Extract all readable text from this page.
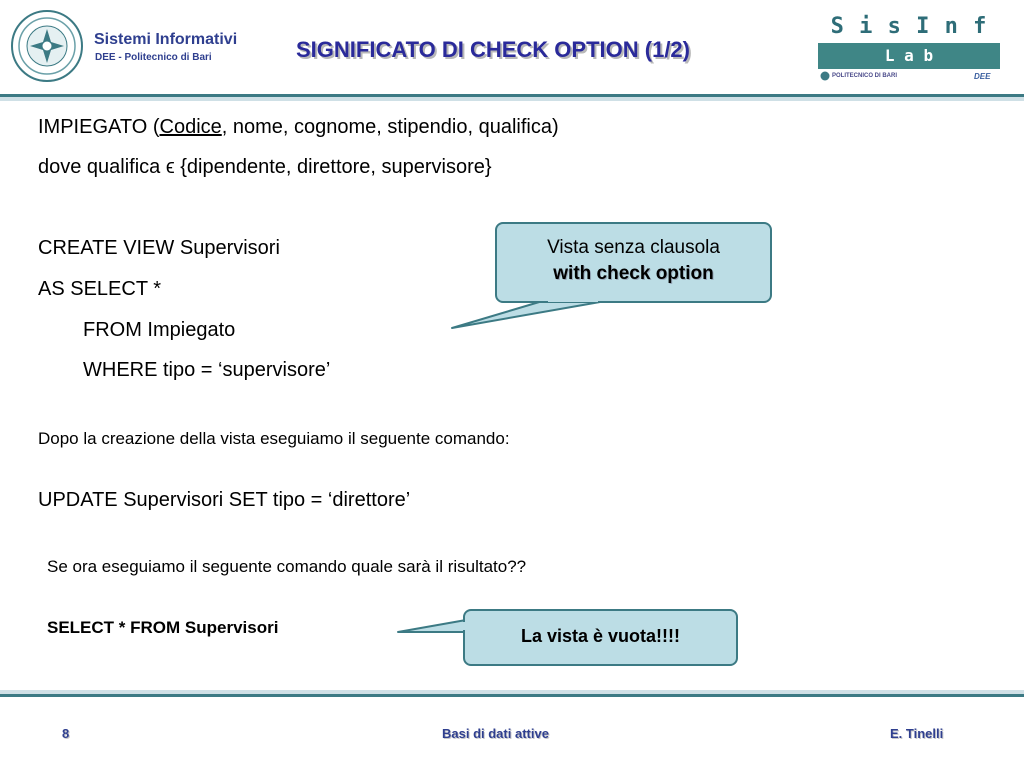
Sistemi Informativi
DEE - Politecnico di Bari	SIGNIFICATO DI CHECK OPTION (1/2)
S i s I n f
L a b
POLITECNICO DI BARI	DEE
IMPIEGATO (Codice, nome, cognome, stipendio, qualifica)
dove qualifica ϵ {dipendente, direttore, supervisore}
CREATE VIEW Supervisori
AS SELECT *
FROM Impiegato
WHERE tipo = ‘supervisore’
Dopo la creazione della vista eseguiamo il seguente comando:
UPDATE Supervisori SET tipo = ‘direttore’
Se ora eseguiamo il seguente comando quale sarà il risultato??
SELECT * FROM Supervisori
Vista senza clausola
with check option
La vista è vuota!!!!
8	Basi di dati attive	E. Tinelli
